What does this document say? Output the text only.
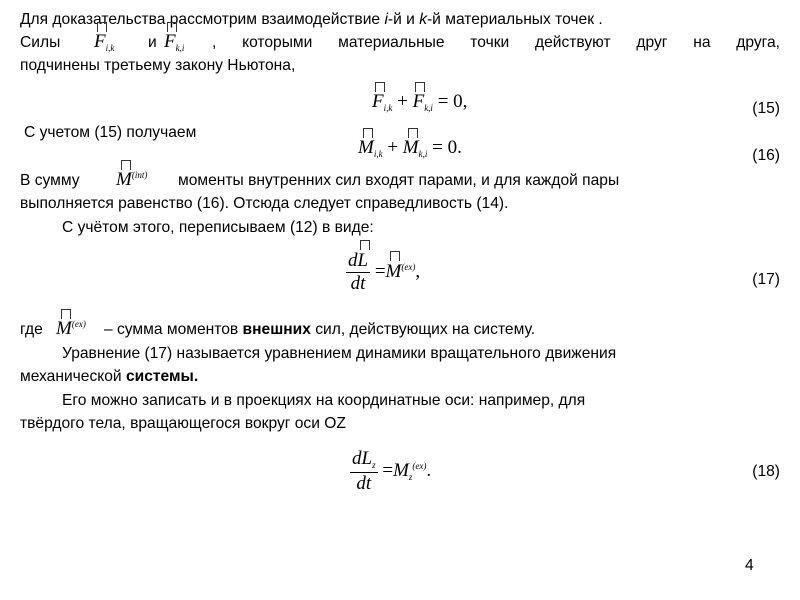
Для доказательства рассмотрим взаимодействие i-й и k-й материальных точек .
Силы $F_{i,k}$ и $F_{k,i}$ , которыми материальные точки действуют друг на друга,
подчинены третьему закону Ньютона,
$F_{i,k} + F_{k,i} = 0$,	(15)
С учетом (15) получаем
$M_{i,k} + M_{k,i} = 0$.	(16)
В сумму $M^{(int)}$ моменты внутренних сил входят парами, и для каждой пары
выполняется равенство (16). Отсюда следует справедливость (14).
С учётом этого, переписываем (12) в виде:
$\frac{dL}{dt} =M^{(ex)}$,	(17)
где $M^{(ex)}$ – сумма моментов внешних сил, действующих на систему.
Уравнение (17) называется уравнением динамики вращательного движения
механической системы.
Его можно записать и в проекциях на координатные оси: например, для
твёрдого тела, вращающегося вокруг оси OZ
$\frac{dL_z}{dt} =M_z^{(ex)}$.	(18)
4
